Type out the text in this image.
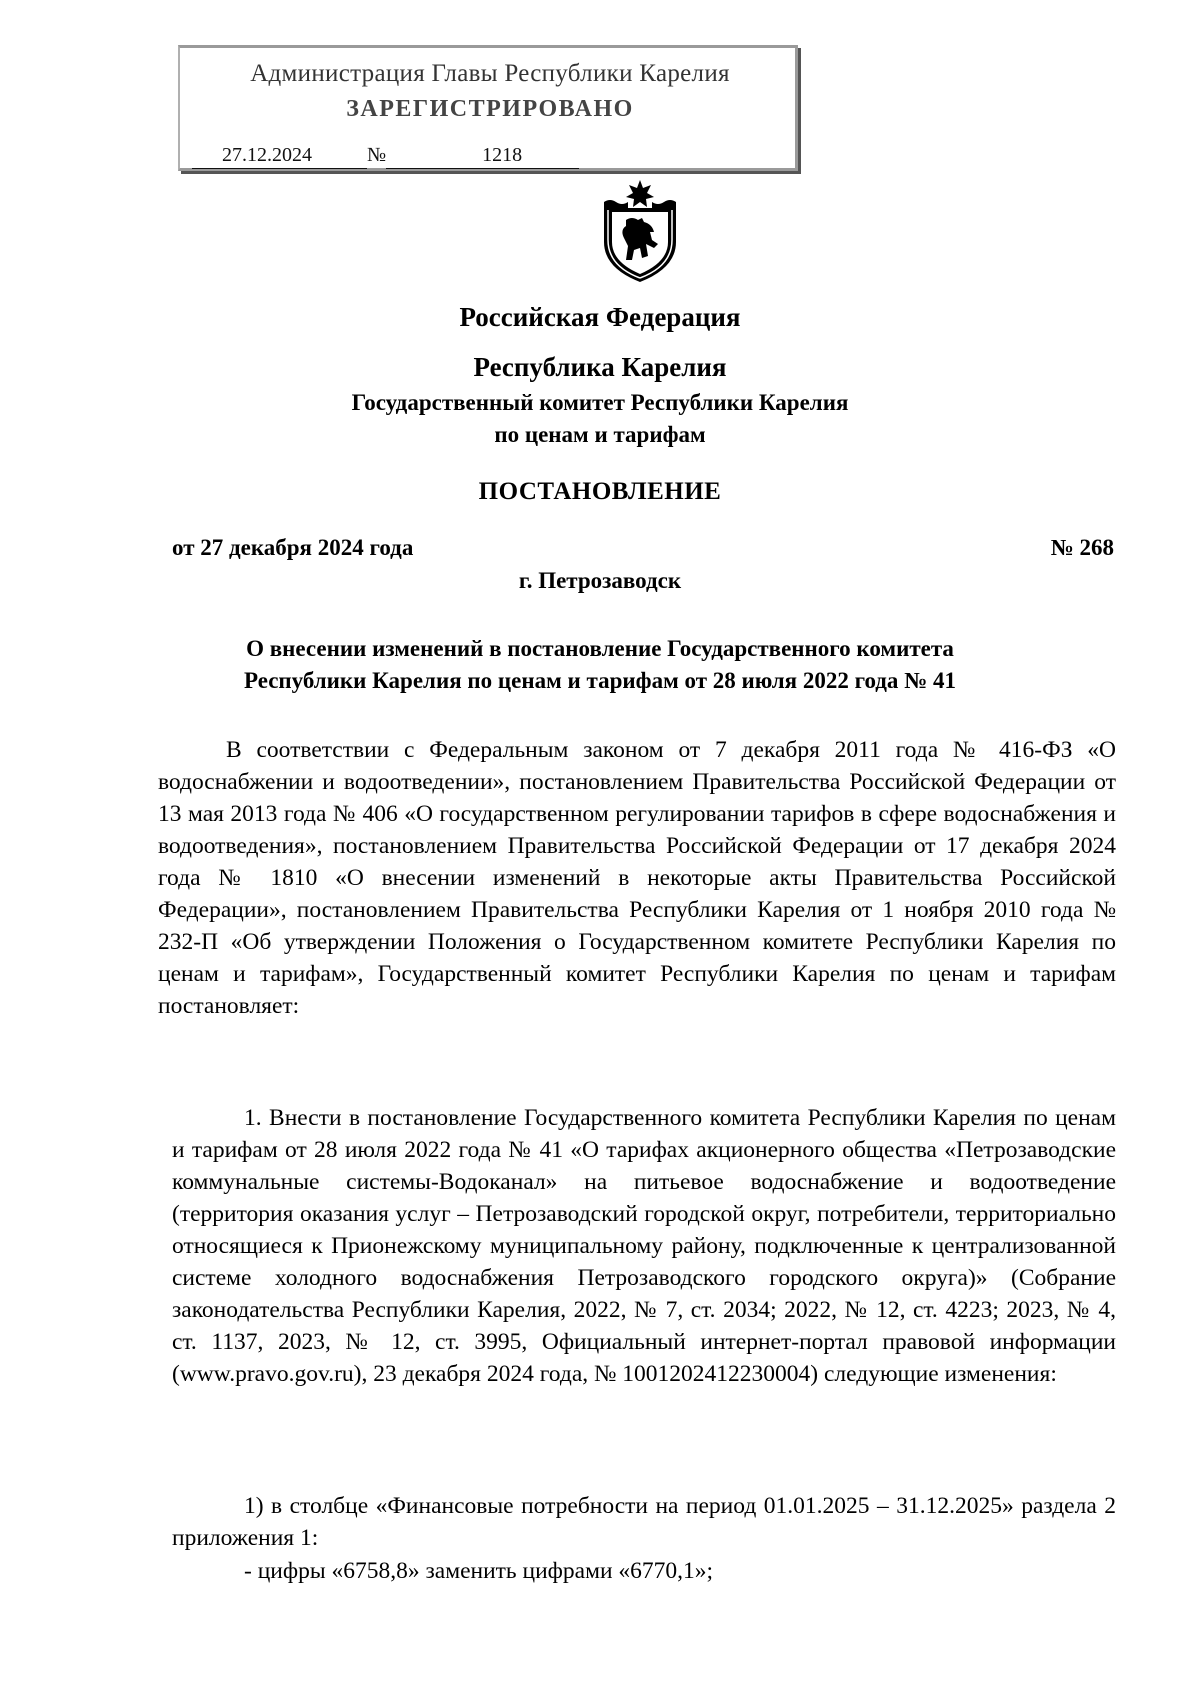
Администрация Главы Республики Карелия
ЗАРЕГИСТРИРОВАНО
27.12.2024	№	1218
Российская Федерация
Республика Карелия
Государственный комитет Республики Карелия
по ценам и тарифам
ПОСТАНОВЛЕНИЕ
от 27 декабря 2024 года	№ 268
г. Петрозаводск
О внесении изменений в постановление Государственного комитета
Республики Карелия по ценам и тарифам от 28 июля 2022 года № 41
В соответствии с Федеральным законом от 7 декабря 2011 года № 416-ФЗ «О водоснабжении и водоотведении», постановлением Правительства Российской Федерации от 13 мая 2013 года № 406 «О государственном регулировании тарифов в сфере водоснабжения и водоотведения», постановлением Правительства Российской Федерации от 17 декабря 2024 года № 1810 «О внесении изменений в некоторые акты Правительства Российской Федерации», постановлением Правительства Республики Карелия от 1 ноября 2010 года № 232-П «Об утверждении Положения о Государственном комитете Республики Карелия по ценам и тарифам», Государственный комитет Республики Карелия по ценам и тарифам постановляет:
1. Внести в постановление Государственного комитета Республики Карелия по ценам и тарифам от 28 июля 2022 года № 41 «О тарифах акционерного общества «Петрозаводские коммунальные системы-Водоканал» на питьевое водоснабжение и водоотведение (территория оказания услуг – Петрозаводский городской округ, потребители, территориально относящиеся к Прионежскому муниципальному району, подключенные к централизованной системе холодного водоснабжения Петрозаводского городского округа)» (Собрание законодательства Республики Карелия, 2022, № 7, ст. 2034; 2022, № 12, ст. 4223; 2023, № 4, ст. 1137, 2023, № 12, ст. 3995, Официальный интернет-портал правовой информации (www.pravo.gov.ru), 23 декабря 2024 года, № 1001202412230004) следующие изменения:
1) в столбце «Финансовые потребности на период 01.01.2025 – 31.12.2025» раздела 2 приложения 1:
- цифры «6758,8» заменить цифрами «6770,1»;
